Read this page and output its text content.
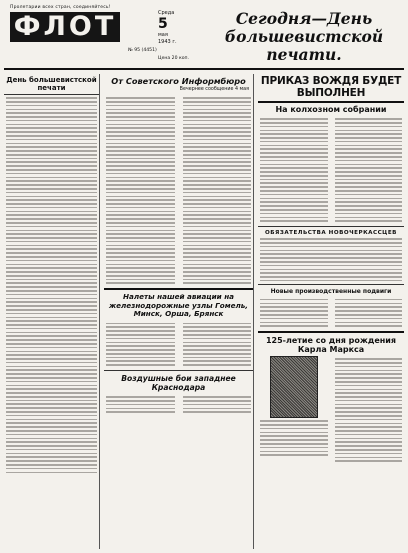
Пролетарии всех стран, соединяйтесь!
ФЛОТ	Среда
5
мая
1943 г.
№ 95 (4451)
Цена 20 коп.
Сегодня—День большевистской печати.
День большевистской
печати
От Советского Информбюро
Вечернее сообщение 4 мая
Налеты нашей авиации на железнодорожные узлы Гомель, Минск, Орша, Брянск
Воздушные бои западнее Краснодара
ПРИКАЗ ВОЖДЯ БУДЕТ ВЫПОЛНЕН
На колхозном собрании
ОБЯЗАТЕЛЬСТВА НОВОЧЕРКАССЦЕВ
Новые производственные подвиги
125-летие со дня рождения Карла Маркса
